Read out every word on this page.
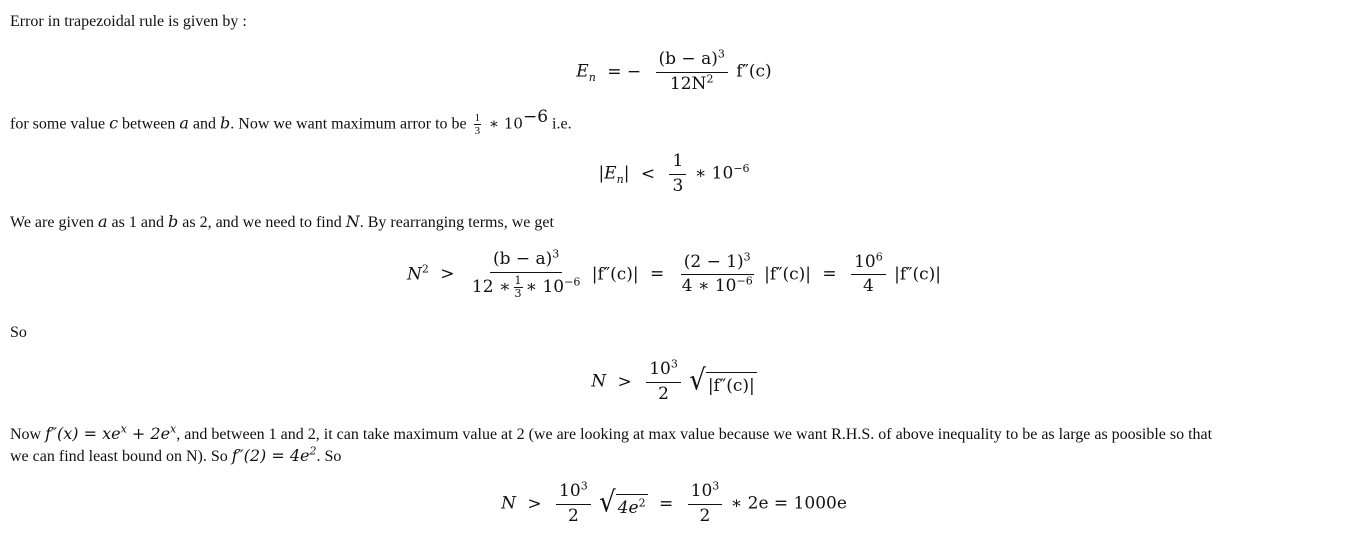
Error in trapezoidal rule is given by :
$E_n$ = − $\frac{(b - a)^3}{12N^2} f''(c)$
for some value c between a and b. Now we want maximum arror to be $\frac{1}{3}$ ∗ $10^{-6}$ i.e.
$|E_n| < \frac{1}{3}$ ∗ $10^{-6}$
We are given a as 1 and b as 2, and we need to find N. By rearranging terms, we get
$N^2 > \frac{(b - a)^3}{12 ∗ \frac{1}{3} ∗ 10^{-6}} |f''(c)| = \frac{(2 - 1)^3}{4 ∗ 10^{-6}} |f''(c)| = \frac{10^6}{4} |f''(c)|$
So
$N > \frac{10^3}{2}$
√ |f″(c)|
Now $f''(x) = xe^x + 2e^x$, and between 1 and 2, it can take maximum value at 2 (we are looking at max value because we want R.H.S. of above inequality to be as large as poosible so that
we can find least bound on N). So $f''(2) = 4e^2$. So
$N > \frac{10^3}{2}$
√ $4e^2 = \frac{10^3}{2}$ ∗ 2e = 1000e
